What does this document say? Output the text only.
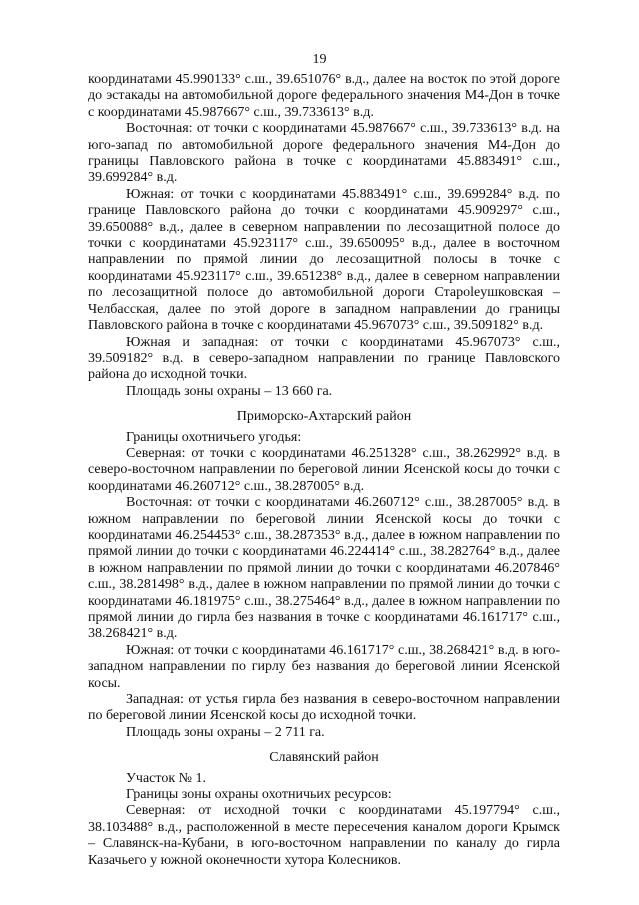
19

координатами 45.990133° с.ш., 39.651076° в.д., далее на восток по этой дороге до эстакады на автомобильной дороге федерального значения М4-Дон в точке с координатами 45.987667° с.ш., 39.733613° в.д.

Восточная: от точки с координатами 45.987667° с.ш., 39.733613° в.д. на юго-запад по автомобильной дороге федерального значения М4-Дон до границы Павловского района в точке с координатами 45.883491° с.ш., 39.699284° в.д.

Южная: от точки с координатами 45.883491° с.ш., 39.699284° в.д. по границе Павловского района до точки с координатами 45.909297° с.ш., 39.650088° в.д., далее в северном направлении по лесозащитной полосе до точки с координатами 45.923117° с.ш., 39.650095° в.д., далее в восточном направлении по прямой линии до лесозащитной полосы в точке с координатами 45.923117° с.ш., 39.651238° в.д., далее в северном направлении по лесозащитной полосе до автомобильной дороги Староleушковская – Челбасская, далее по этой дороге в западном направлении до границы Павловского района в точке с координатами 45.967073° с.ш., 39.509182° в.д.

Южная и западная: от точки с координатами 45.967073° с.ш., 39.509182° в.д. в северо-западном направлении по границе Павловского района до исходной точки.

Площадь зоны охраны – 13 660 га.

Приморско-Ахтарский район

Границы охотничьего угодья:

Северная: от точки с координатами 46.251328° с.ш., 38.262992° в.д. в северо-восточном направлении по береговой линии Ясенской косы до точки с координатами 46.260712° с.ш., 38.287005° в.д.

Восточная: от точки с координатами 46.260712° с.ш., 38.287005° в.д. в южном направлении по береговой линии Ясенской косы до точки с координатами 46.254453° с.ш., 38.287353° в.д., далее в южном направлении по прямой линии до точки с координатами 46.224414° с.ш., 38.282764° в.д., далее в южном направлении по прямой линии до точки с координатами 46.207846° с.ш., 38.281498° в.д., далее в южном направлении по прямой линии до точки с координатами 46.181975° с.ш., 38.275464° в.д., далее в южном направлении по прямой линии до гирла без названия в точке с координатами 46.161717° с.ш., 38.268421° в.д.

Южная: от точки с координатами 46.161717° с.ш., 38.268421° в.д. в юго-западном направлении по гирлу без названия до береговой линии Ясенской косы.

Западная: от устья гирла без названия в северо-восточном направлении по береговой линии Ясенской косы до исходной точки.

Площадь зоны охраны – 2 711 га.

Славянский район

Участок № 1.

Границы зоны охраны охотничьих ресурсов:

Северная: от исходной точки с координатами 45.197794° с.ш., 38.103488° в.д., расположенной в месте пересечения каналом дороги Крымск – Славянск-на-Кубани, в юго-восточном направлении по каналу до гирла Казачьего у южной оконечности хутора Колесников.
